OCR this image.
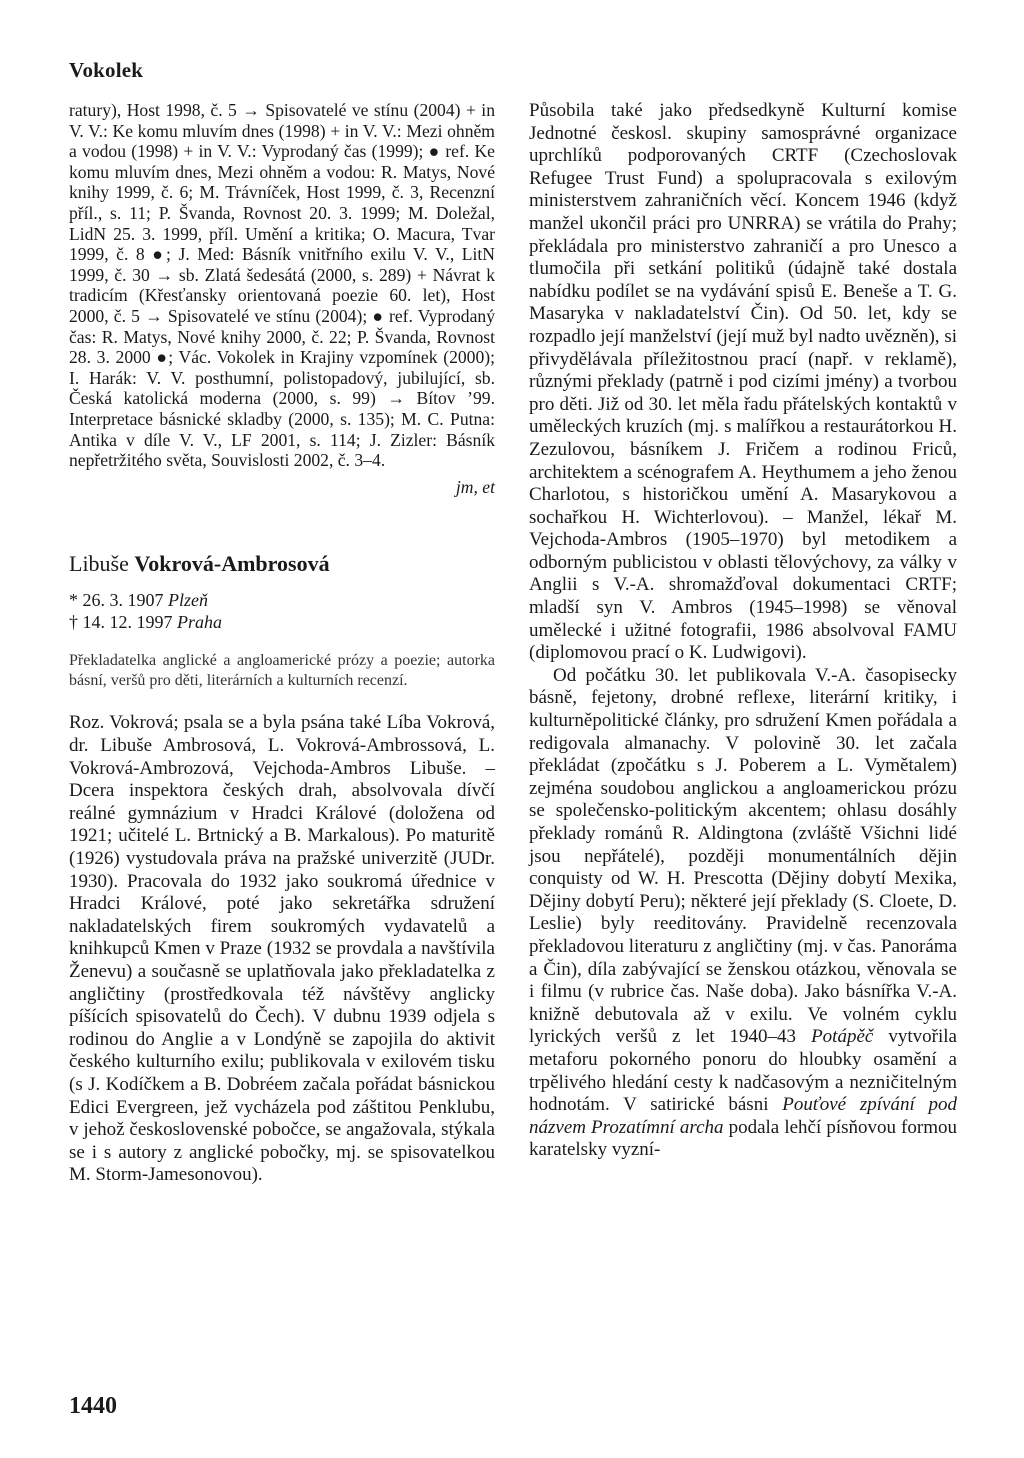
Vokolek

ratury), Host 1998, č. 5 → Spisovatelé ve stínu (2004) + in V. V.: Ke komu mluvím dnes (1998) + in V. V.: Mezi ohněm a vodou (1998) + in V. V.: Vyprodaný čas (1999); ● ref. Ke komu mluvím dnes, Mezi ohněm a vodou: R. Matys, Nové knihy 1999, č. 6; M. Trávníček, Host 1999, č. 3, Recenzní příl., s. 11; P. Švanda, Rovnost 20. 3. 1999; M. Doležal, LidN 25. 3. 1999, příl. Umění a kritika; O. Macura, Tvar 1999, č. 8 ●; J. Med: Básník vnitřního exilu V. V., LitN 1999, č. 30 → sb. Zlatá šedesátá (2000, s. 289) + Návrat k tradicím (Křesťansky orientovaná poezie 60. let), Host 2000, č. 5 → Spisovatelé ve stínu (2004); ● ref. Vyprodaný čas: R. Matys, Nové knihy 2000, č. 22; P. Švanda, Rovnost 28. 3. 2000 ●; Vác. Vokolek in Krajiny vzpomínek (2000); I. Harák: V. V. posthumní, polistopadový, jubilující, sb. Česká katolická moderna (2000, s. 99) → Bítov ’99. Interpretace básnické skladby (2000, s. 135); M. C. Putna: Antika v díle V. V., LF 2001, s. 114; J. Zizler: Básník nepřetržitého světa, Souvislosti 2002, č. 3–4.

jm, et

Libuše Vokrová-Ambrosová
* 26. 3. 1907 Plzeň
† 14. 12. 1997 Praha

Překladatelka anglické a angloamerické prózy a poezie; autorka básní, veršů pro děti, literárních a kulturních recenzí.

Roz. Vokrová; psala se a byla psána také Líba Vokrová, dr. Libuše Ambrosová, L. Vokrová-Ambrossová, L. Vokrová-Ambrozová, Vejchoda-Ambros Libuše. – Dcera inspektora českých drah, absolvovala dívčí reálné gymnázium v Hradci Králové (doložena od 1921; učitelé L. Brtnický a B. Markalous). Po maturitě (1926) vystudovala práva na pražské univerzitě (JUDr. 1930). Pracovala do 1932 jako soukromá úřednice v Hradci Králové, poté jako sekretářka sdružení nakladatelských firem soukromých vydavatelů a knihkupců Kmen v Praze (1932 se provdala a navštívila Ženevu) a současně se uplatňovala jako překladatelka z angličtiny (prostředkovala též návštěvy anglicky píšících spisovatelů do Čech). V dubnu 1939 odjela s rodinou do Anglie a v Londýně se zapojila do aktivit českého kulturního exilu; publikovala v exilovém tisku (s J. Kodíčkem a B. Dobréem začala pořádat básnickou Edici Evergreen, jež vycházela pod záštitou Penklubu, v jehož československé pobočce, se angažovala, stýkala se i s autory z anglické pobočky, mj. se spisovatelkou M. Storm-Jamesonovou).

Působila také jako předsedkyně Kulturní komise Jednotné českosl. skupiny samosprávné organizace uprchlíků podporovaných CRTF (Czechoslovak Refugee Trust Fund) a spolupracovala s exilovým ministerstvem zahraničních věcí. Koncem 1946 (když manžel ukončil práci pro UNRRA) se vrátila do Prahy; překládala pro ministerstvo zahraničí a pro Unesco a tlumočila při setkání politiků (údajně také dostala nabídku podílet se na vydávání spisů E. Beneše a T. G. Masaryka v nakladatelství Čin). Od 50. let, kdy se rozpadlo její manželství (její muž byl nadto uvězněn), si přivydělávala příležitostnou prací (např. v reklamě), různými překlady (patrně i pod cizími jmény) a tvorbou pro děti. Již od 30. let měla řadu přátelských kontaktů v uměleckých kruzích (mj. s malířkou a restaurátorkou H. Zezulovou, básníkem J. Fričem a rodinou Friců, architektem a scénografem A. Heythumem a jeho ženou Charlotou, s historičkou umění A. Masarykovou a sochařkou H. Wichterlovou). – Manžel, lékař M. Vejchoda-Ambros (1905–1970) byl metodikem a odborným publicistou v oblasti tělovýchovy, za války v Anglii s V.-A. shromažďoval dokumentaci CRTF; mladší syn V. Ambros (1945–1998) se věnoval umělecké i užitné fotografii, 1986 absolvoval FAMU (diplomovou prací o K. Ludwigovi).

Od počátku 30. let publikovala V.-A. časopisecky básně, fejetony, drobné reflexe, literární kritiky, i kulturněpolitické články, pro sdružení Kmen pořádala a redigovala almanachy. V polovině 30. let začala překládat (zpočátku s J. Poberem a L. Vymětalem) zejména soudobou anglickou a angloamerickou prózu se společensko-politickým akcentem; ohlasu dosáhly překlady románů R. Aldingtona (zvláště Všichni lidé jsou nepřátelé), později monumentálních dějin conquisty od W. H. Prescotta (Dějiny dobytí Mexika, Dějiny dobytí Peru); některé její překlady (S. Cloete, D. Leslie) byly reeditovány. Pravidelně recenzovala překladovou literaturu z angličtiny (mj. v čas. Panoráma a Čin), díla zabývající se ženskou otázkou, věnovala se i filmu (v rubrice čas. Naše doba). Jako básnířka V.-A. knižně debutovala až v exilu. Ve volném cyklu lyrických veršů z let 1940–43 Potápěč vytvořila metaforu pokorného ponoru do hloubky osamění a trpělivého hledání cesty k nadčasovým a nezničitelným hodnotám. V satirické básni Pouťové zpívání pod názvem Prozatímní archa podala lehčí písňovou formou karatelsky vyzní-

1440
